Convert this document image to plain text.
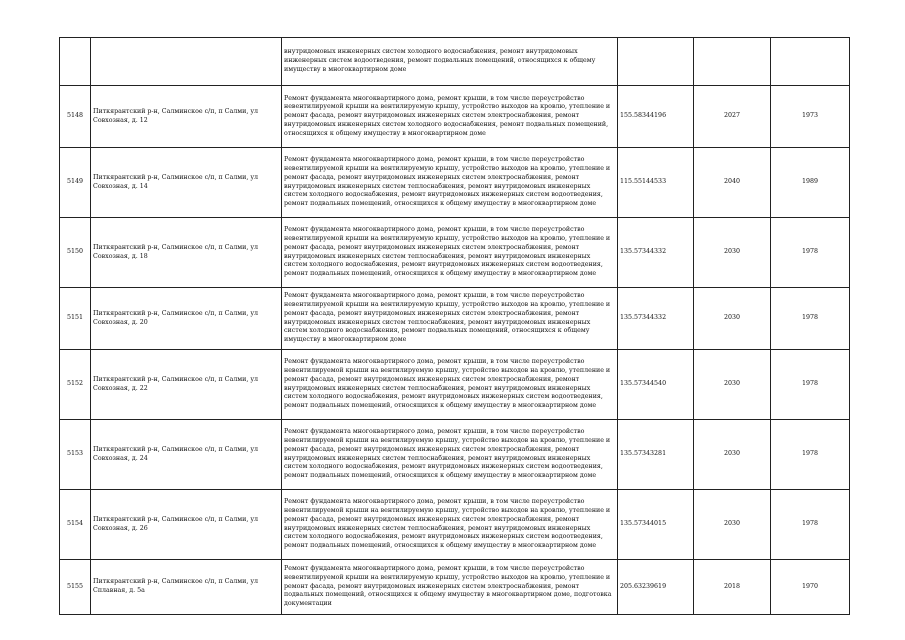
		внутридомовых инженерных систем холодного водоснабжения, ремонт внутридомовых инженерных систем водоотведения, ремонт подвальных помещений, относящихся к общему имуществу в многоквартирном доме			

5148	Питкярантский р-н, Салминское с/п, п Салми, ул Совхозная, д. 12	Ремонт фундамента многоквартирного дома, ремонт крыши, в том числе переустройство невентилируемой крыши на вентилируемую крышу, устройство выходов на кровлю, утепление и ремонт фасада, ремонт внутридомовых инженерных систем электроснабжения, ремонт внутридомовых инженерных систем холодного водоснабжения, ремонт подвальных помещений, относящихся к общему имуществу в многоквартирном доме	155.58344196	2027	1973
5149	Питкярантский р-н, Салминское с/п, п Салми, ул Совхозная, д. 14	Ремонт фундамента многоквартирного дома, ремонт крыши, в том числе переустройство невентилируемой крыши на вентилируемую крышу, устройство выходов на кровлю, утепление и ремонт фасада, ремонт внутридомовых инженерных систем электроснабжения, ремонт внутридомовых инженерных систем теплоснабжения, ремонт внутридомовых инженерных систем холодного водоснабжения, ремонт внутридомовых инженерных систем водоотведения, ремонт подвальных помещений, относящихся к общему имуществу в многоквартирном доме	115.55144533	2040	1989
5150	Питкярантский р-н, Салминское с/п, п Салми, ул Совхозная, д. 18	Ремонт фундамента многоквартирного дома, ремонт крыши, в том числе переустройство невентилируемой крыши на вентилируемую крышу, устройство выходов на кровлю, утепление и ремонт фасада, ремонт внутридомовых инженерных систем электроснабжения, ремонт внутридомовых инженерных систем теплоснабжения, ремонт внутридомовых инженерных систем холодного водоснабжения, ремонт внутридомовых инженерных систем водоотведения, ремонт подвальных помещений, относящихся к общему имуществу в многоквартирном доме	135.57344332	2030	1978
5151	Питкярантский р-н, Салминское с/п, п Салми, ул Совхозная, д. 20	Ремонт фундамента многоквартирного дома, ремонт крыши, в том числе переустройство невентилируемой крыши на вентилируемую крышу, устройство выходов на кровлю, утепление и ремонт фасада, ремонт внутридомовых инженерных систем электроснабжения, ремонт внутридомовых инженерных систем теплоснабжения, ремонт внутридомовых инженерных систем холодного водоснабжения, ремонт подвальных помещений, относящихся к общему имуществу в многоквартирном доме	135.57344332	2030	1978
5152	Питкярантский р-н, Салминское с/п, п Салми, ул Совхозная, д. 22	Ремонт фундамента многоквартирного дома, ремонт крыши, в том числе переустройство невентилируемой крыши на вентилируемую крышу, устройство выходов на кровлю, утепление и ремонт фасада, ремонт внутридомовых инженерных систем электроснабжения, ремонт внутридомовых инженерных систем теплоснабжения, ремонт внутридомовых инженерных систем холодного водоснабжения, ремонт внутридомовых инженерных систем водоотведения, ремонт подвальных помещений, относящихся к общему имуществу в многоквартирном доме	135.57344540	2030	1978
5153	Питкярантский р-н, Салминское с/п, п Салми, ул Совхозная, д. 24	Ремонт фундамента многоквартирного дома, ремонт крыши, в том числе переустройство невентилируемой крыши на вентилируемую крышу, устройство выходов на кровлю, утепление и ремонт фасада, ремонт внутридомовых инженерных систем электроснабжения, ремонт внутридомовых инженерных систем теплоснабжения, ремонт внутридомовых инженерных систем холодного водоснабжения, ремонт внутридомовых инженерных систем водоотведения, ремонт подвальных помещений, относящихся к общему имуществу в многоквартирном доме	135.57343281	2030	1978
5154	Питкярантский р-н, Салминское с/п, п Салми, ул Совхозная, д. 26	Ремонт фундамента многоквартирного дома, ремонт крыши, в том числе переустройство невентилируемой крыши на вентилируемую крышу, устройство выходов на кровлю, утепление и ремонт фасада, ремонт внутридомовых инженерных систем электроснабжения, ремонт внутридомовых инженерных систем теплоснабжения, ремонт внутридомовых инженерных систем холодного водоснабжения, ремонт внутридомовых инженерных систем водоотведения, ремонт подвальных помещений, относящихся к общему имуществу в многоквартирном доме	135.57344015	2030	1978
5155	Питкярантский р-н, Салминское с/п, п Салми, ул Сплавная, д. 5а	Ремонт фундамента многоквартирного дома, ремонт крыши, в том числе переустройство невентилируемой крыши на вентилируемую крышу, устройство выходов на кровлю, утепление и ремонт фасада, ремонт внутридомовых инженерных систем электроснабжения, ремонт подвальных помещений, относящихся к общему имуществу в многоквартирном доме, подготовка документации	205.63239619	2018	1970
